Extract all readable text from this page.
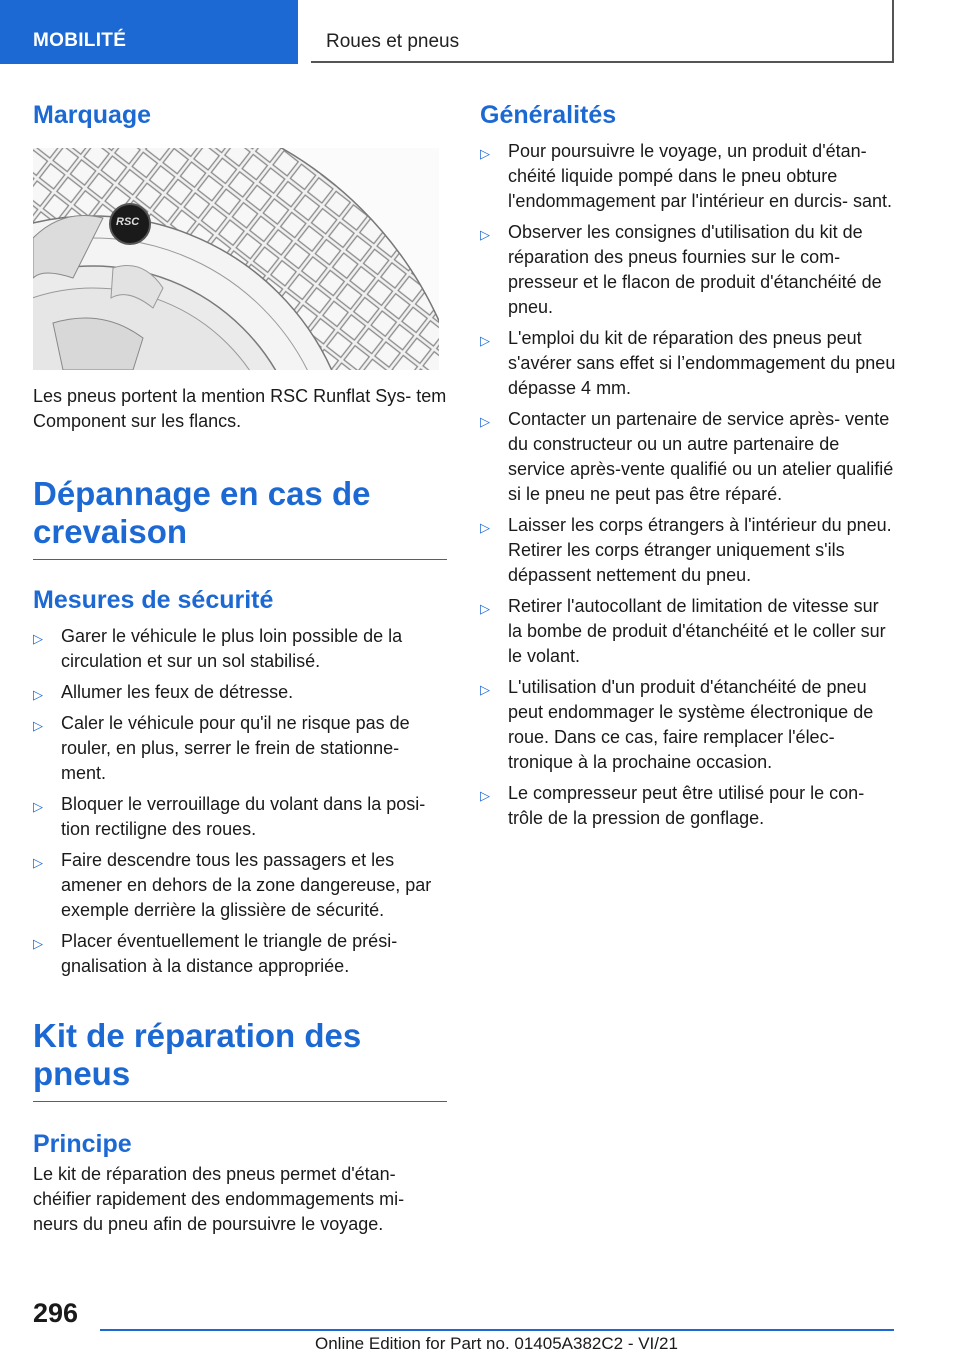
MOBILITÉ	Roues et pneus
Marquage
RSC

Les pneus portent la mention RSC Runflat Sys‐ tem Component sur les flancs.

Dépannage en cas de crevaison
Mesures de sécurité
▷ Garer le véhicule le plus loin possible de la circulation et sur un sol stabilisé.
▷ Allumer les feux de détresse.
▷ Caler le véhicule pour qu'il ne risque pas de rouler, en plus, serrer le frein de stationne‐ ment.
▷ Bloquer le verrouillage du volant dans la posi‐ tion rectiligne des roues.
▷ Faire descendre tous les passagers et les amener en dehors de la zone dangereuse, par exemple derrière la glissière de sécurité.
▷ Placer éventuellement le triangle de prési‐ gnalisation à la distance appropriée.
Kit de réparation des pneus
Principe

Le kit de réparation des pneus permet d'étan‐ chéifier rapidement des endommagements mi‐ neurs du pneu afin de poursuivre le voyage.

Généralités
▷ Pour poursuivre le voyage, un produit d'étan‐ chéité liquide pompé dans le pneu obture l'endommagement par l'intérieur en durcis‐ sant.
▷ Observer les consignes d'utilisation du kit de réparation des pneus fournies sur le com‐ presseur et le flacon de produit d'étanchéité de pneu.
▷ L'emploi du kit de réparation des pneus peut s'avérer sans effet si l’endommagement du pneu dépasse 4 mm.
▷ Contacter un partenaire de service après- vente du constructeur ou un autre partenaire de service après-vente qualifié ou un atelier qualifié si le pneu ne peut pas être réparé.
▷ Laisser les corps étrangers à l'intérieur du pneu. Retirer les corps étranger uniquement s'ils dépassent nettement du pneu.
▷ Retirer l'autocollant de limitation de vitesse sur la bombe de produit d'étanchéité et le coller sur le volant.
▷ L'utilisation d'un produit d'étanchéité de pneu peut endommager le système électronique de roue. Dans ce cas, faire remplacer l'élec‐ tronique à la prochaine occasion.
▷ Le compresseur peut être utilisé pour le con‐ trôle de la pression de gonflage.
296
Online Edition for Part no. 01405A382C2 - VI/21
